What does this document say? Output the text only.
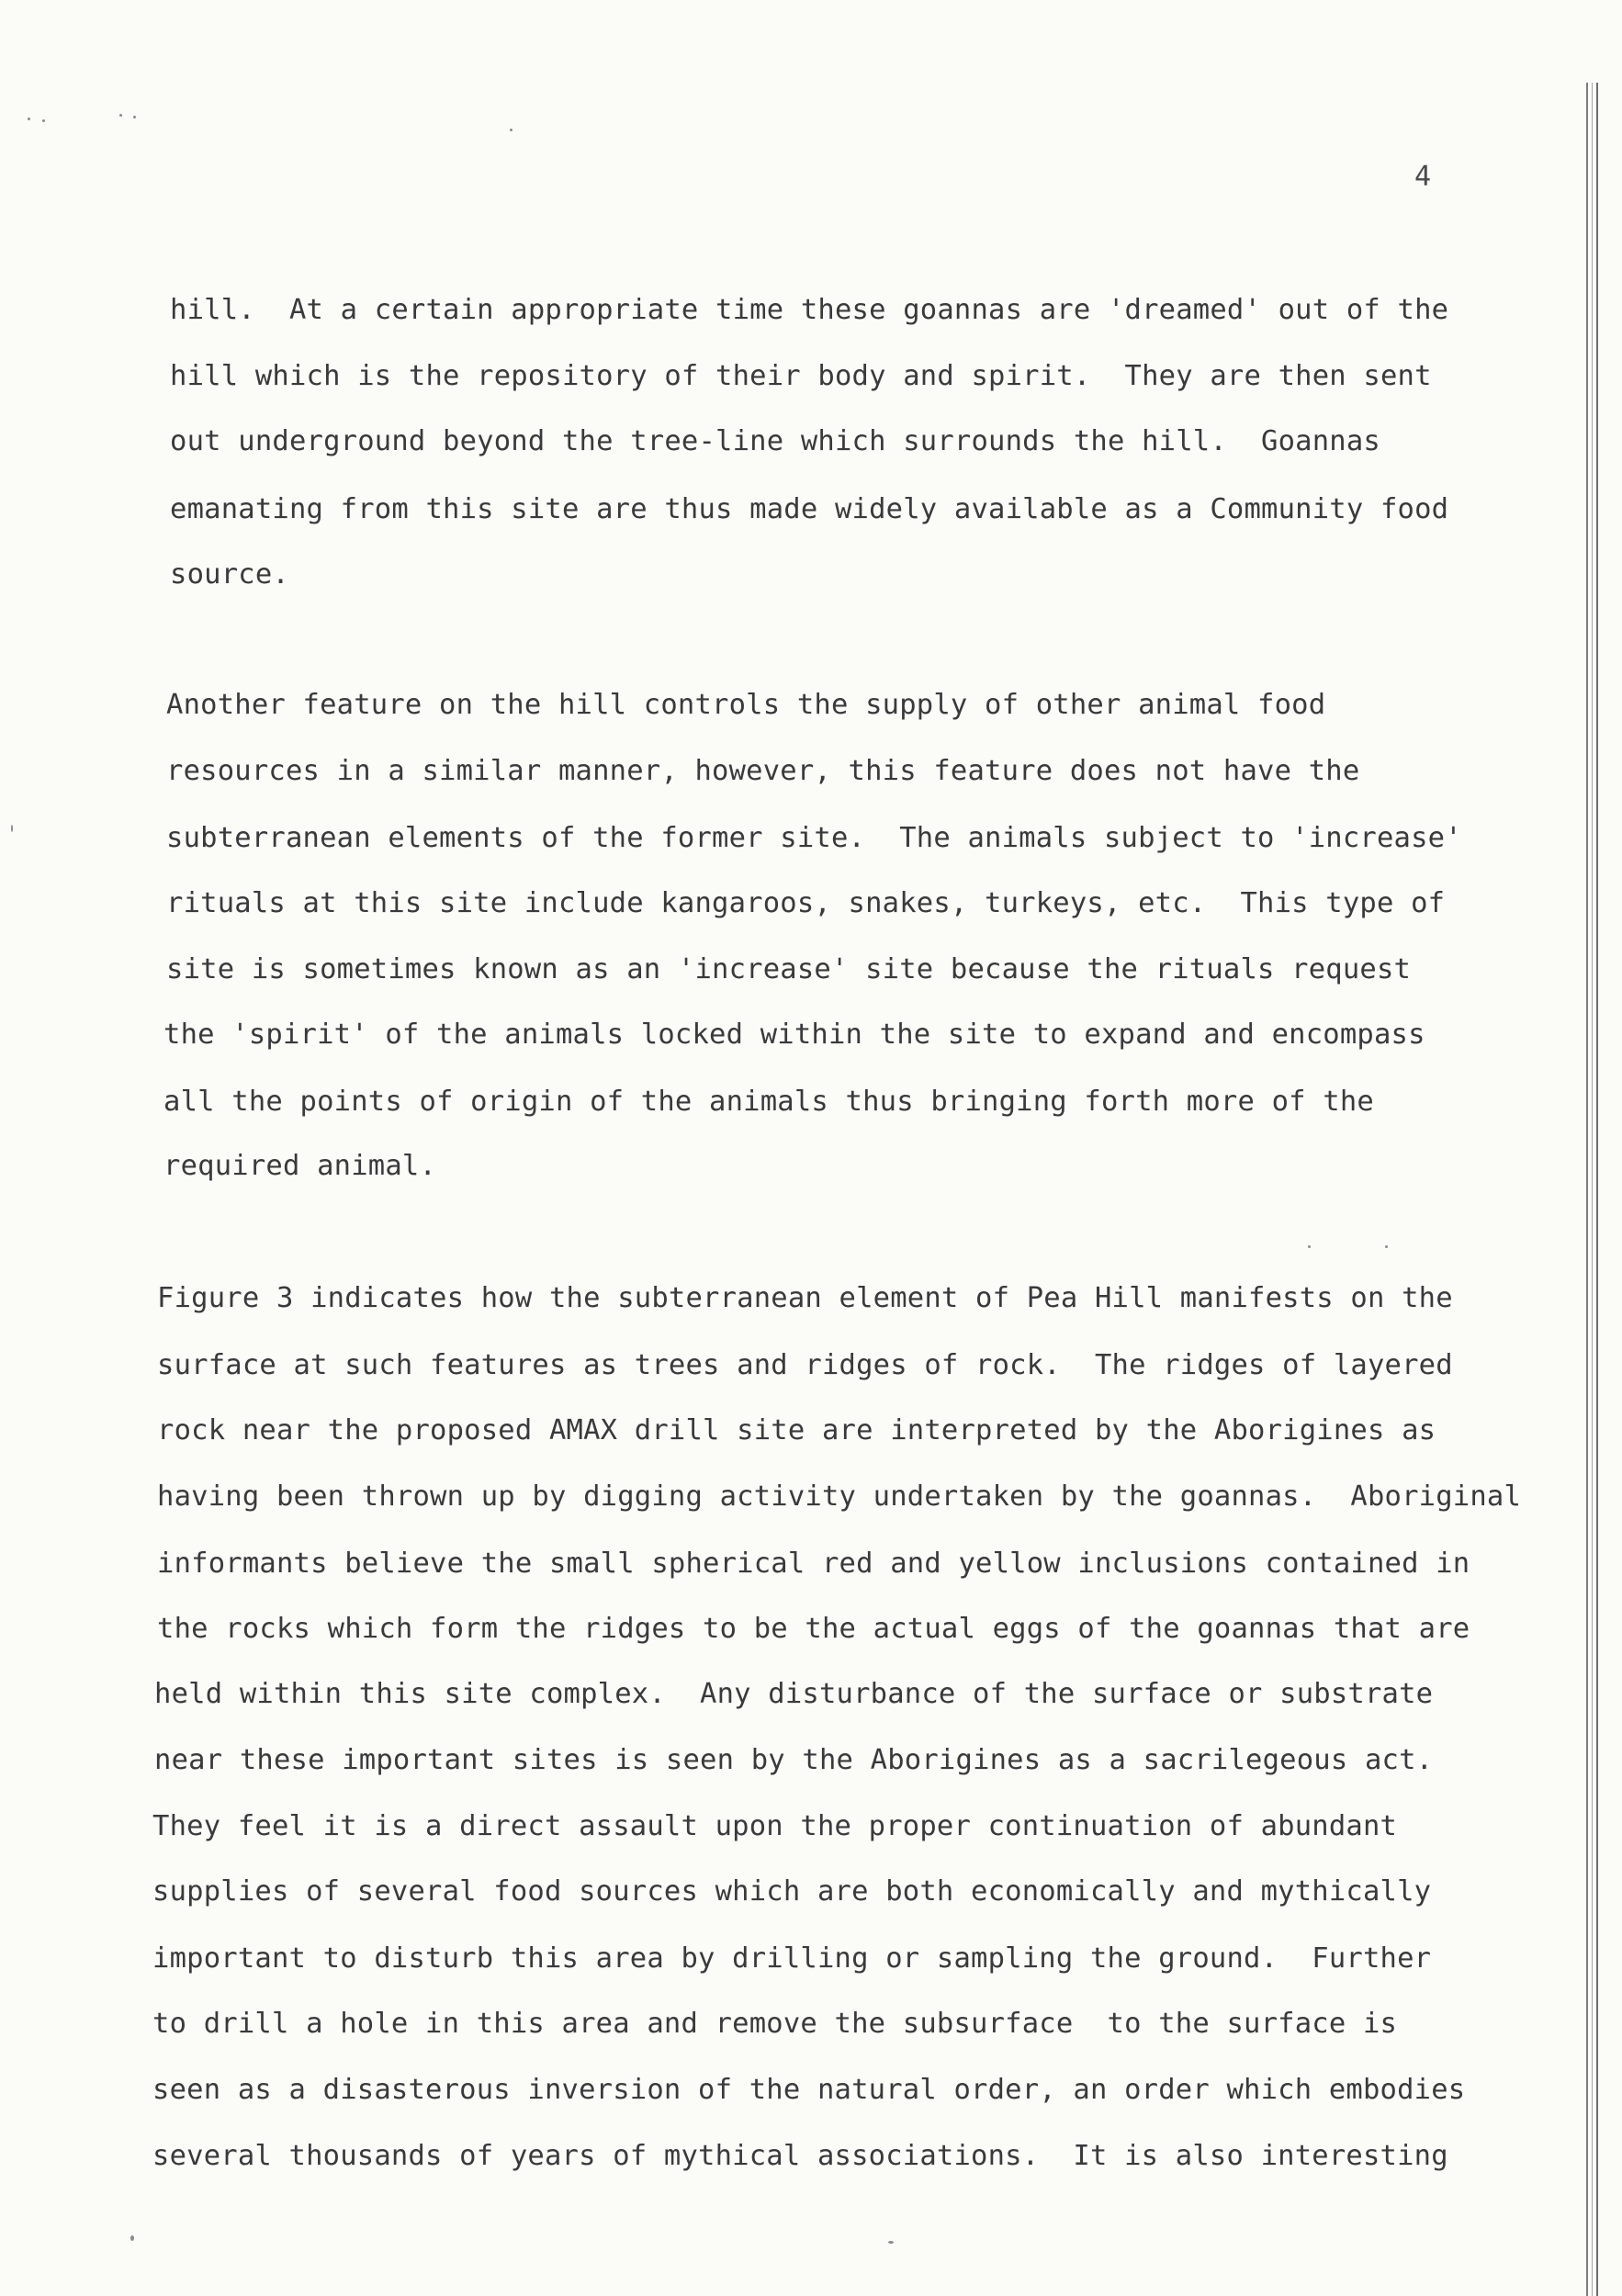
4
hill.  At a certain appropriate time these goannas are 'dreamed' out of the
hill which is the repository of their body and spirit.  They are then sent
out underground beyond the tree-line which surrounds the hill.  Goannas
emanating from this site are thus made widely available as a Community food
source.
Another feature on the hill controls the supply of other animal food
resources in a similar manner, however, this feature does not have the
subterranean elements of the former site.  The animals subject to 'increase'
rituals at this site include kangaroos, snakes, turkeys, etc.  This type of
site is sometimes known as an 'increase' site because the rituals request
the 'spirit' of the animals locked within the site to expand and encompass
all the points of origin of the animals thus bringing forth more of the
required animal.
Figure 3 indicates how the subterranean element of Pea Hill manifests on the
surface at such features as trees and ridges of rock.  The ridges of layered
rock near the proposed AMAX drill site are interpreted by the Aborigines as
having been thrown up by digging activity undertaken by the goannas.  Aboriginal
informants believe the small spherical red and yellow inclusions contained in
the rocks which form the ridges to be the actual eggs of the goannas that are
held within this site complex.  Any disturbance of the surface or substrate
near these important sites is seen by the Aborigines as a sacrilegeous act.
They feel it is a direct assault upon the proper continuation of abundant
supplies of several food sources which are both economically and mythically
important to disturb this area by drilling or sampling the ground.  Further
to drill a hole in this area and remove the subsurface  to the surface is
seen as a disasterous inversion of the natural order, an order which embodies
several thousands of years of mythical associations.  It is also interesting
